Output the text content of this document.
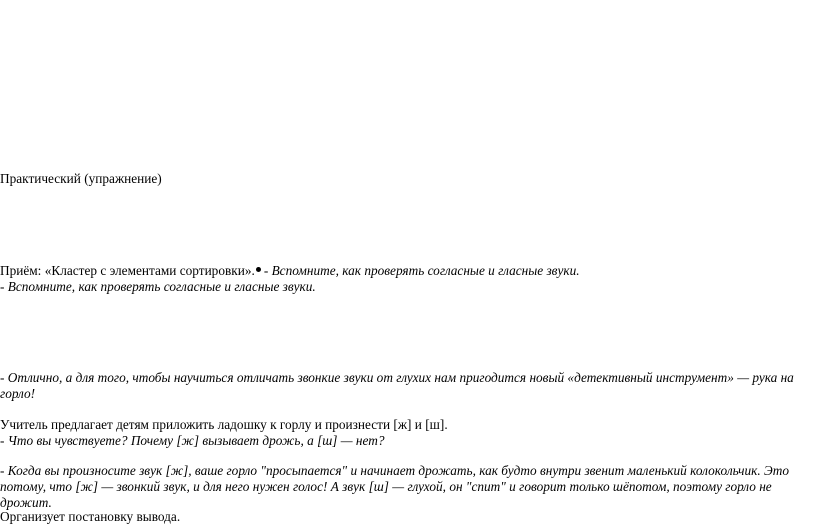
Практический (упражнение)
Приём: «Кластер с элементами сортировки». - Вспомните, как проверять согласные и гласные звуки.
- Вспомните, как проверять согласные и гласные звуки.
- Отлично, а для того, чтобы научиться отличать звонкие звуки от глухих нам пригодится новый «детективный инструмент» — рука на
горло!
Учитель предлагает детям приложить ладошку к горлу и произнести [ж] и [ш].
- Что вы чувствуете? Почему [ж] вызывает дрожь, а [ш] — нет?
- Когда вы произносите звук [ж], ваше горло "просыпается" и начинает дрожать, как будто внутри звенит маленький колокольчик. Это
потому, что [ж] — звонкий звук, и для него нужен голос! А звук [ш] — глухой, он "спит" и говорит только шёпотом, поэтому горло не
дрожит.
Организует постановку вывода.
